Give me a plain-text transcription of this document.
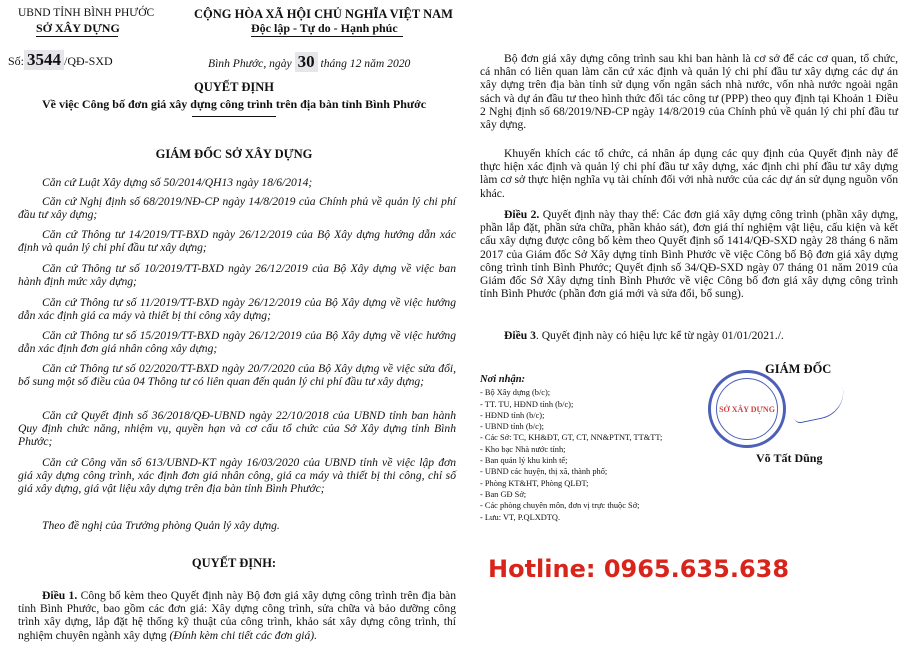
UBND TỈNH BÌNH PHƯỚC
SỞ XÂY DỰNG
CỘNG HÒA XÃ HỘI CHỦ NGHĨA VIỆT NAM
Độc lập - Tự do - Hạnh phúc
Số: 3544 /QĐ-SXD	Bình Phước, ngày 30 tháng 12 năm 2020
QUYẾT ĐỊNH
Về việc Công bố đơn giá xây dựng công trình trên địa bàn tỉnh Bình Phước
GIÁM ĐỐC SỞ XÂY DỰNG
Căn cứ Luật Xây dựng số 50/2014/QH13 ngày 18/6/2014;
Căn cứ Nghị định số 68/2019/NĐ-CP ngày 14/8/2019 của Chính phủ về quản lý chi phí đầu tư xây dựng;
Căn cứ Thông tư 14/2019/TT-BXD ngày 26/12/2019 của Bộ Xây dựng hướng dẫn xác định và quản lý chi phí đầu tư xây dựng;
Căn cứ Thông tư số 10/2019/TT-BXD ngày 26/12/2019 của Bộ Xây dựng về việc ban hành định mức xây dựng;
Căn cứ Thông tư số 11/2019/TT-BXD ngày 26/12/2019 của Bộ Xây dựng về việc hướng dẫn xác định giá ca máy và thiết bị thi công xây dựng;
Căn cứ Thông tư số 15/2019/TT-BXD ngày 26/12/2019 của Bộ Xây dựng về việc hướng dẫn xác định đơn giá nhân công xây dựng;
Căn cứ Thông tư số 02/2020/TT-BXD ngày 20/7/2020 của Bộ Xây dựng về việc sửa đổi, bổ sung một số điều của 04 Thông tư có liên quan đến quản lý chi phí đầu tư xây dựng;
Căn cứ Quyết định số 36/2018/QĐ-UBND ngày 22/10/2018 của UBND tỉnh ban hành Quy định chức năng, nhiệm vụ, quyền hạn và cơ cấu tổ chức của Sở Xây dựng tỉnh Bình Phước;
Căn cứ Công văn số 613/UBND-KT ngày 16/03/2020 của UBND tỉnh về việc lập đơn giá xây dựng công trình, xác định đơn giá nhân công, giá ca máy và thiết bị thi công, chỉ số giá xây dựng, giá vật liệu xây dựng trên địa bàn tỉnh Bình Phước;
Theo đề nghị của Trưởng phòng Quản lý xây dựng.
QUYẾT ĐỊNH:
Điều 1. Công bố kèm theo Quyết định này Bộ đơn giá xây dựng công trình trên địa bàn tỉnh Bình Phước, bao gồm các đơn giá: Xây dựng công trình, sửa chữa và bảo dưỡng công trình xây dựng, lắp đặt hệ thống kỹ thuật của công trình, khảo sát xây dựng công trình, thí nghiệm chuyên ngành xây dựng (Đính kèm chi tiết các đơn giá).
Bộ đơn giá xây dựng công trình sau khi ban hành là cơ sở để các cơ quan, tổ chức, cá nhân có liên quan làm căn cứ xác định và quản lý chi phí đầu tư xây dựng các dự án xây dựng trên địa bàn tỉnh sử dụng vốn ngân sách nhà nước, vốn nhà nước ngoài ngân sách và dự án đầu tư theo hình thức đối tác công tư (PPP) theo quy định tại Khoản 1 Điều 2 Nghị định số 68/2019/NĐ-CP ngày 14/8/2019 của Chính phủ về quản lý chi phí đầu tư xây dựng.
Khuyến khích các tổ chức, cá nhân áp dụng các quy định của Quyết định này để thực hiện xác định và quản lý chi phí đầu tư xây dựng, xác định chi phí đầu tư xây dựng làm cơ sở thực hiện nghĩa vụ tài chính đối với nhà nước của các dự án sử dụng nguồn vốn khác.
Điều 2. Quyết định này thay thế: Các đơn giá xây dựng công trình (phần xây dựng, phần lắp đặt, phần sửa chữa, phần khảo sát), đơn giá thí nghiệm vật liệu, cấu kiện và kết cấu xây dựng được công bố kèm theo Quyết định số 1414/QĐ-SXD ngày 28 tháng 6 năm 2017 của Giám đốc Sở Xây dựng tỉnh Bình Phước về việc Công bố Bộ đơn giá xây dựng công trình tỉnh Bình Phước; Quyết định số 34/QĐ-SXD ngày 07 tháng 01 năm 2019 của Giám đốc Sở Xây dựng tỉnh Bình Phước về việc Công bố đơn giá xây dựng công trình tỉnh Bình Phước (phần đơn giá mới và sửa đổi, bổ sung).
Điều 3. Quyết định này có hiệu lực kể từ ngày 01/01/2021./.
Nơi nhận:
- Bộ Xây dựng (b/c);
- TT. TU, HĐND tỉnh (b/c);
- HĐND tỉnh (b/c);
- UBND tỉnh (b/c);
- Các Sở: TC, KH&ĐT, GT, CT, NN&PTNT, TT&TT;
- Kho bạc Nhà nước tỉnh;
- Ban quản lý khu kinh tế;
- UBND các huyện, thị xã, thành phố;
- Phòng KT&HT, Phòng QLĐT;
- Ban GĐ Sở;
- Các phòng chuyên môn, đơn vị trực thuộc Sở;
- Lưu: VT, P.QLXDTQ.
GIÁM ĐỐC
SỞ XÂY DỰNG
Võ Tất Dũng
Hotline: 0965.635.638
